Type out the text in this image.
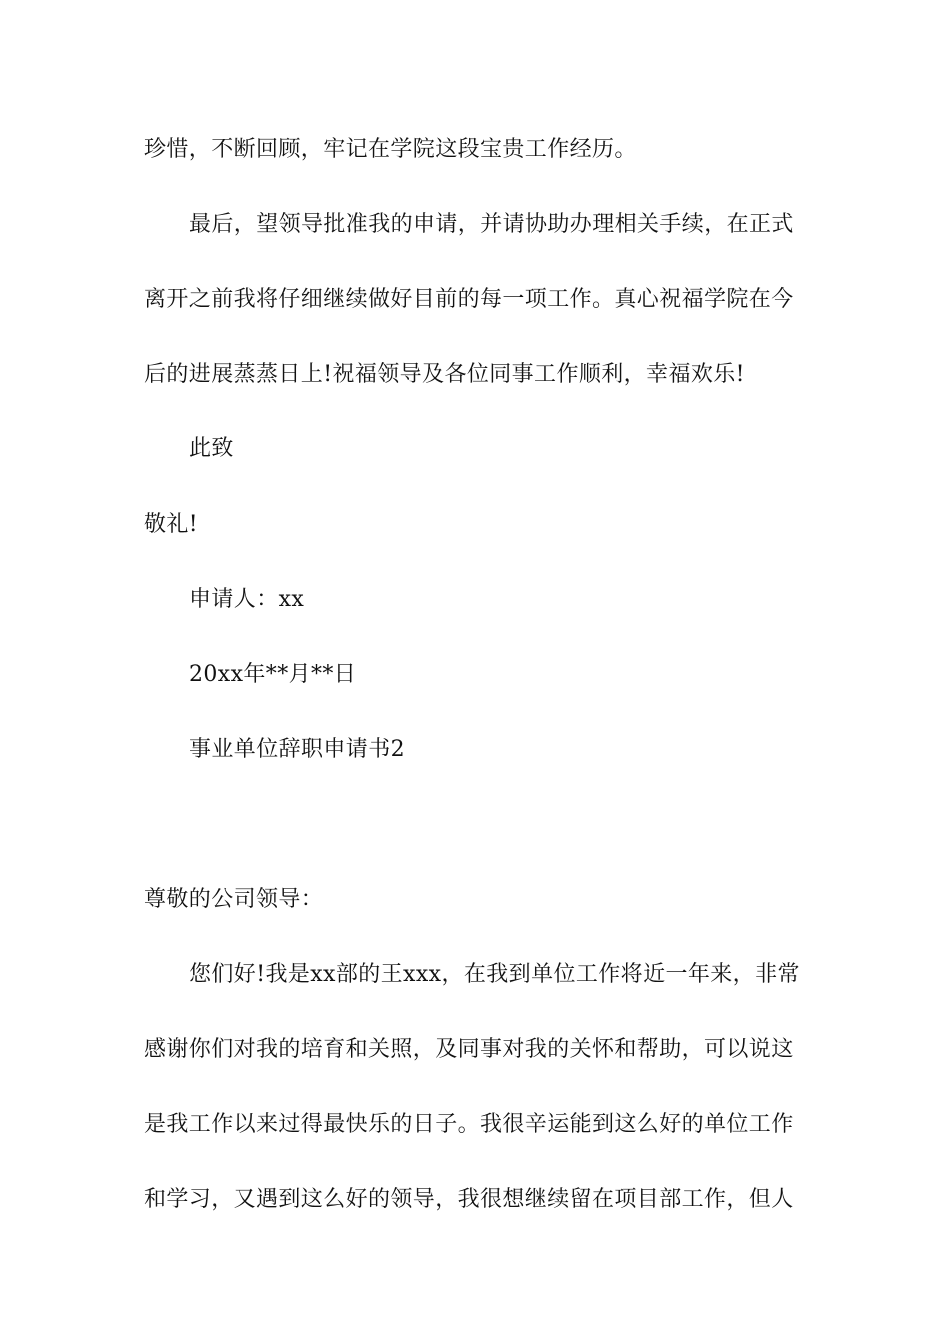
珍惜，不断回顾，牢记在学院这段宝贵工作经历。
最后，望领导批准我的申请，并请协助办理相关手续，在正式
离开之前我将仔细继续做好目前的每一项工作。真心祝福学院在今
后的进展蒸蒸日上!祝福领导及各位同事工作顺利，幸福欢乐!
此致
敬礼!
申请人：xx
20xx年**月**日
事业单位辞职申请书2
尊敬的公司领导：
您们好!我是xx部的王xxx，在我到单位工作将近一年来，非常
感谢你们对我的培育和关照，及同事对我的关怀和帮助，可以说这
是我工作以来过得最快乐的日子。我很辛运能到这么好的单位工作
和学习，又遇到这么好的领导，我很想继续留在项目部工作，但人
